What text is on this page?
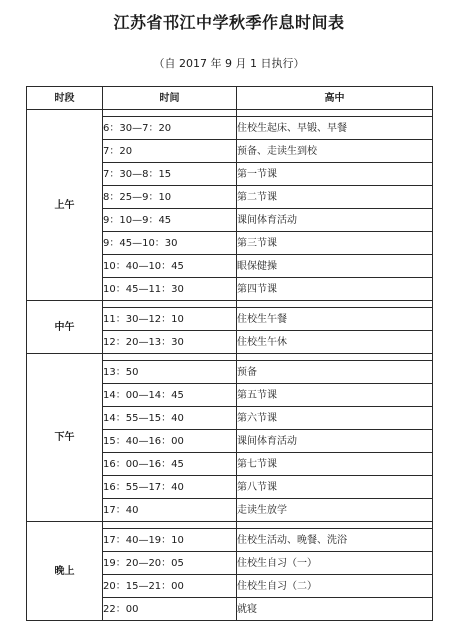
江苏省邗江中学秋季作息时间表
（自 2017 年 9 月 1 日执行）
时段	时间	高中
上午		
	6：30—7：20	住校生起床、早锻、早餐
	7：20	预备、走读生到校
	7：30—8：15	第一节课
	8：25—9：10	第二节课
	9：10—9：45	课间体育活动
	9：45—10：30	第三节课
	10：40—10：45	眼保健操
	10：45—11：30	第四节课
中午		
	11：30—12：10	住校生午餐
	12：20—13：30	住校生午休
下午		
	13：50	预备
	14：00—14：45	第五节课
	14：55—15：40	第六节课
	15：40—16：00	课间体育活动
	16：00—16：45	第七节课
	16：55—17：40	第八节课
	17：40	走读生放学
晚上		
	17：40—19：10	住校生活动、晚餐、洗浴
	19：20—20：05	住校生自习（一）
	20：15—21：00	住校生自习（二）
	22：00	就寝
